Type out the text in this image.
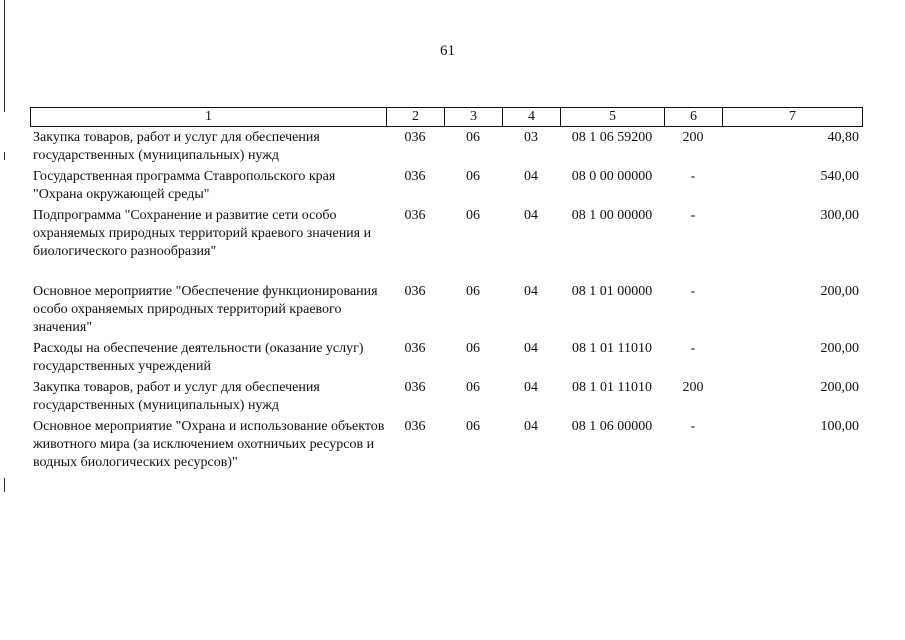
61
1	2	3	4	5	6	7
Закупка товаров, работ и услуг для обеспечения государственных (муниципальных) нужд	036	06	03	08 1 06 59200	200	40,80
Государственная программа Ставропольского края "Охрана окружающей среды"	036	06	04	08 0 00 00000	-	540,00
Подпрограмма "Сохранение и развитие сети особо охраняемых природных территорий краевого значения и биологического разнообразия"	036	06	04	08 1 00 00000	-	300,00
Основное мероприятие "Обеспечение функционирования особо охраняемых природных территорий краевого значения"	036	06	04	08 1 01 00000	-	200,00
Расходы на обеспечение деятельности (оказание услуг) государственных учреждений	036	06	04	08 1 01 11010	-	200,00
Закупка товаров, работ и услуг для обеспечения государственных (муниципальных) нужд	036	06	04	08 1 01 11010	200	200,00
Основное мероприятие "Охрана и использование объектов животного мира (за исключением охотничьих ресурсов и водных биологических ресурсов)"	036	06	04	08 1 06 00000	-	100,00
